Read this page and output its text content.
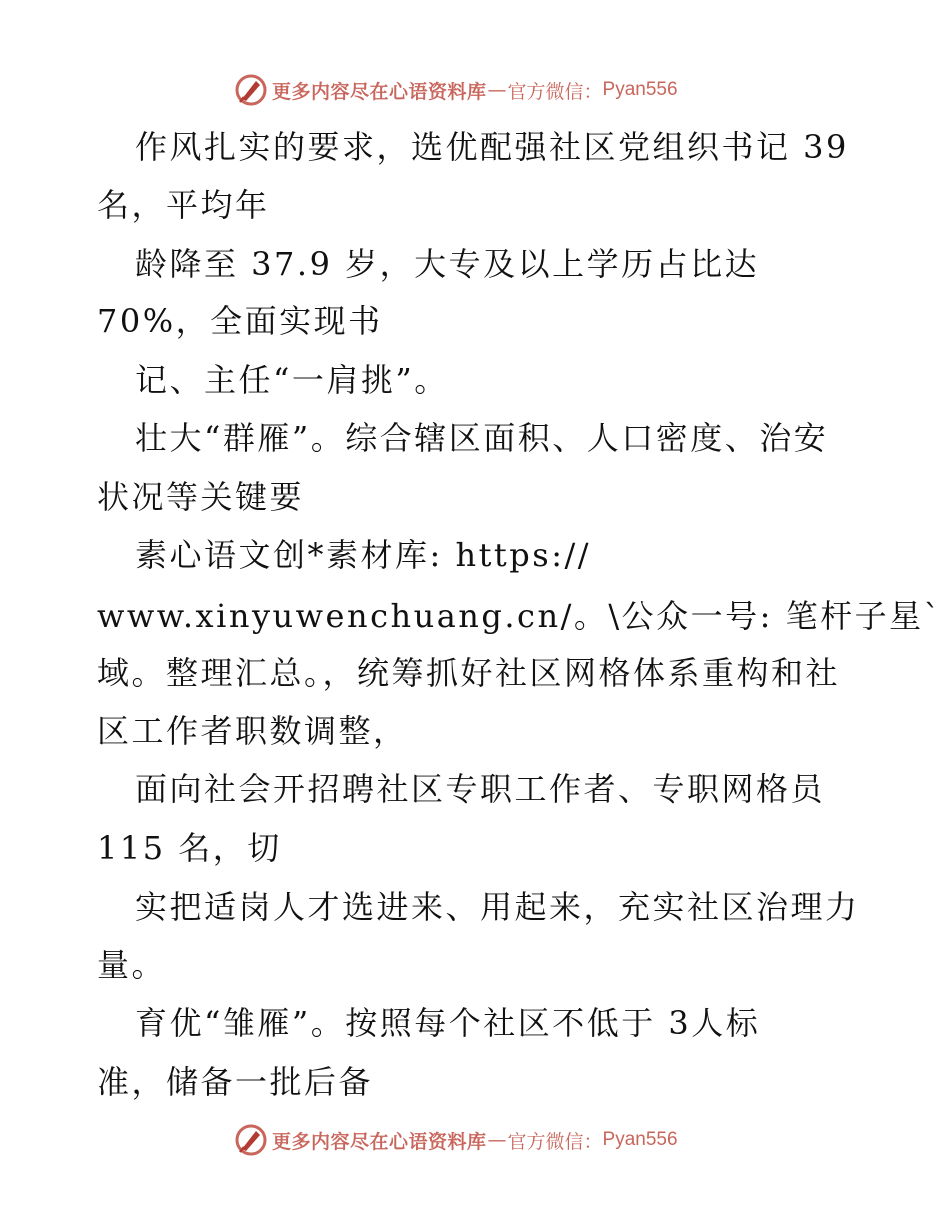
更多内容尽在心语资料库 — 官方微信： Pyan556
作风扎实的要求，选优配强社区党组织书记 39
名，平均年
龄降至 37.9 岁，大专及以上学历占比达
70%，全面实现书
记、主任“一肩挑”。
壮大“群雁”。综合辖区面积、人口密度、治安
状况等关键要
素心语文创*素材库: https://
www.xinyuwenchuang.cn/。\公众一号: 笔杆子星`
域。整理汇总。，统筹抓好社区网格体系重构和社
区工作者职数调整，
面向社会开招聘社区专职工作者、专职网格员
115 名，切
实把适岗人才选进来、用起来，充实社区治理力
量。
育优“雏雁”。按照每个社区不低于 3人标
准，储备一批后备
更多内容尽在心语资料库 — 官方微信： Pyan556
